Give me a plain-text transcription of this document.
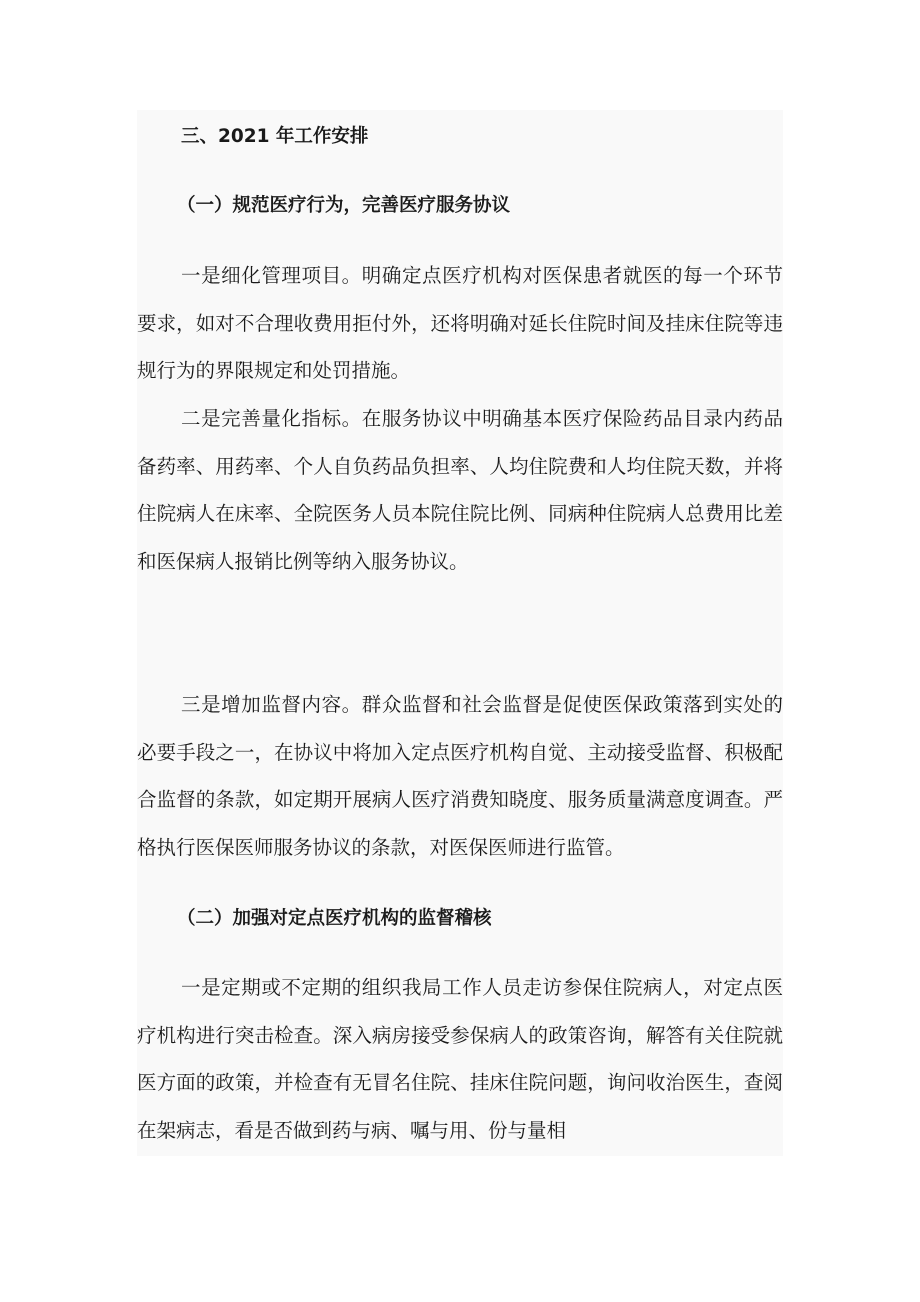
三、2021 年工作安排
（一）规范医疗行为，完善医疗服务协议

一是细化管理项目。明确定点医疗机构对医保患者就医的每一个环节要求，如对不合理收费用拒付外，还将明确对延长住院时间及挂床住院等违规行为的界限规定和处罚措施。

二是完善量化指标。在服务协议中明确基本医疗保险药品目录内药品备药率、用药率、个人自负药品负担率、人均住院费和人均住院天数，并将住院病人在床率、全院医务人员本院住院比例、同病种住院病人总费用比差和医保病人报销比例等纳入服务协议。

三是增加监督内容。群众监督和社会监督是促使医保政策落到实处的必要手段之一，在协议中将加入定点医疗机构自觉、主动接受监督、积极配合监督的条款，如定期开展病人医疗消费知晓度、服务质量满意度调查。严格执行医保医师服务协议的条款，对医保医师进行监管。

（二）加强对定点医疗机构的监督稽核

一是定期或不定期的组织我局工作人员走访参保住院病人，对定点医疗机构进行突击检查。深入病房接受参保病人的政策咨询，解答有关住院就医方面的政策，并检查有无冒名住院、挂床住院问题，询问收治医生，查阅在架病志，看是否做到药与病、嘱与用、份与量相
